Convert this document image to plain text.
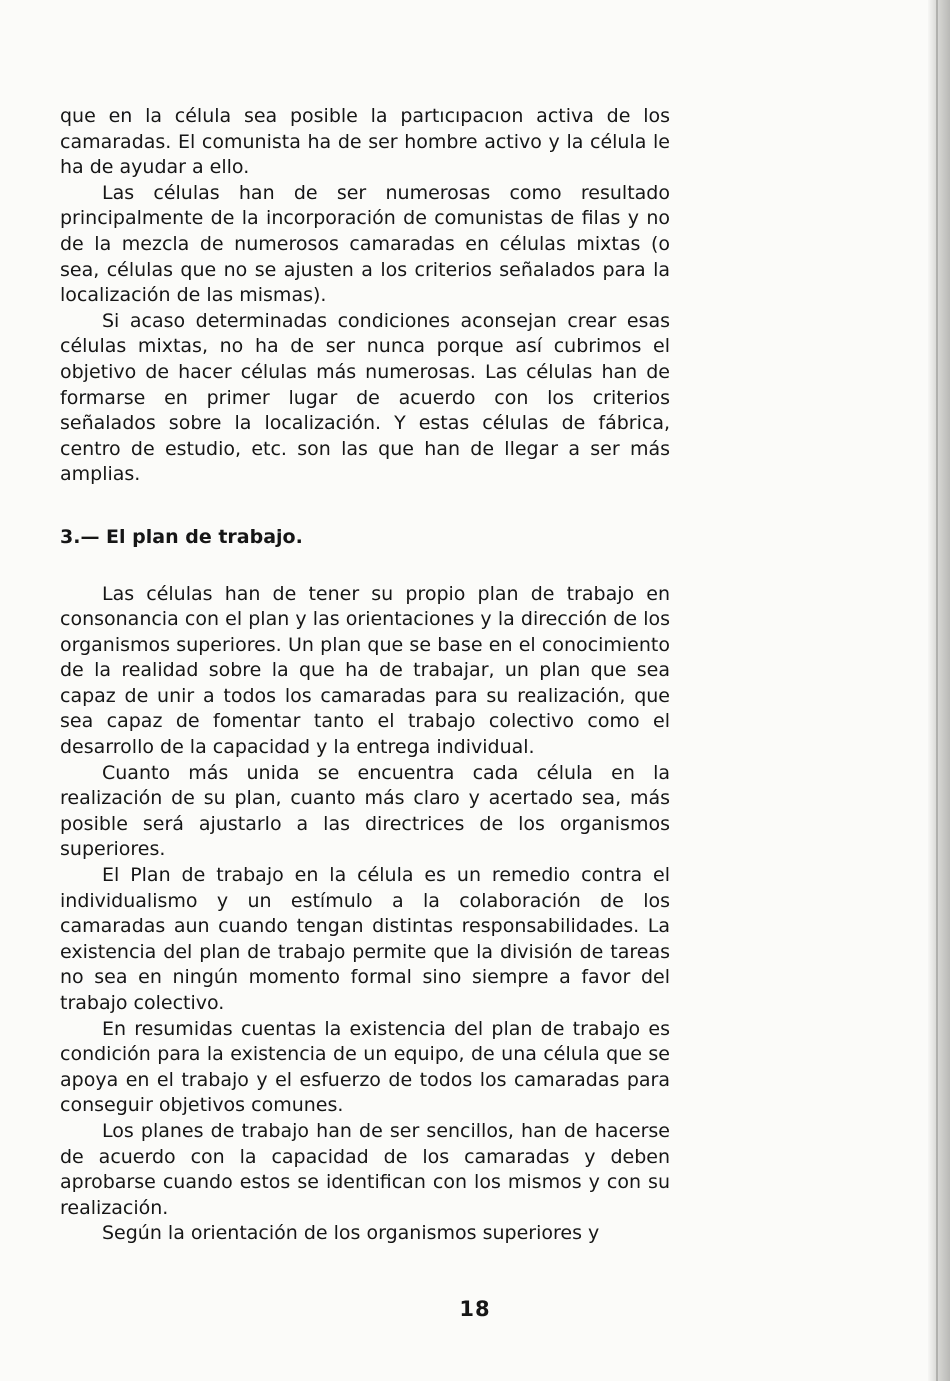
que en la célula sea posible la partıcıpacıon activa de los camaradas. El comunista ha de ser hombre activo y la célula le ha de ayudar a ello.

Las células han de ser numerosas como resultado principalmente de la incorporación de comunistas de filas y no de la mezcla de numerosos camaradas en células mixtas (o sea, células que no se ajusten a los criterios señalados para la localización de las mismas).

Si acaso determinadas condiciones aconsejan crear esas células mixtas, no ha de ser nunca porque así cubrimos el objetivo de hacer células más numerosas. Las células han de formarse en primer lugar de acuerdo con los criterios señalados sobre la localización. Y estas células de fábrica, centro de estudio, etc. son las que han de llegar a ser más amplias.

3.— El plan de trabajo.

Las células han de tener su propio plan de trabajo en consonancia con el plan y las orientaciones y la dirección de los organismos superiores. Un plan que se base en el conocimiento de la realidad sobre la que ha de trabajar, un plan que sea capaz de unir a todos los camaradas para su realización, que sea capaz de fomentar tanto el trabajo colectivo como el desarrollo de la capacidad y la entrega individual.

Cuanto más unida se encuentra cada célula en la realización de su plan, cuanto más claro y acertado sea, más posible será ajustarlo a las directrices de los organismos superiores.

El Plan de trabajo en la célula es un remedio contra el individualismo y un estímulo a la colaboración de los camaradas aun cuando tengan distintas responsabilidades. La existencia del plan de trabajo permite que la división de tareas no sea en ningún momento formal sino siempre a favor del trabajo colectivo.

En resumidas cuentas la existencia del plan de trabajo es condición para la existencia de un equipo, de una célula que se apoya en el trabajo y el esfuerzo de todos los camaradas para conseguir objetivos comunes.

Los planes de trabajo han de ser sencillos, han de hacerse de acuerdo con la capacidad de los camaradas y deben aprobarse cuando estos se identifican con los mismos y con su realización.

Según la orientación de los organismos superiores y

18
